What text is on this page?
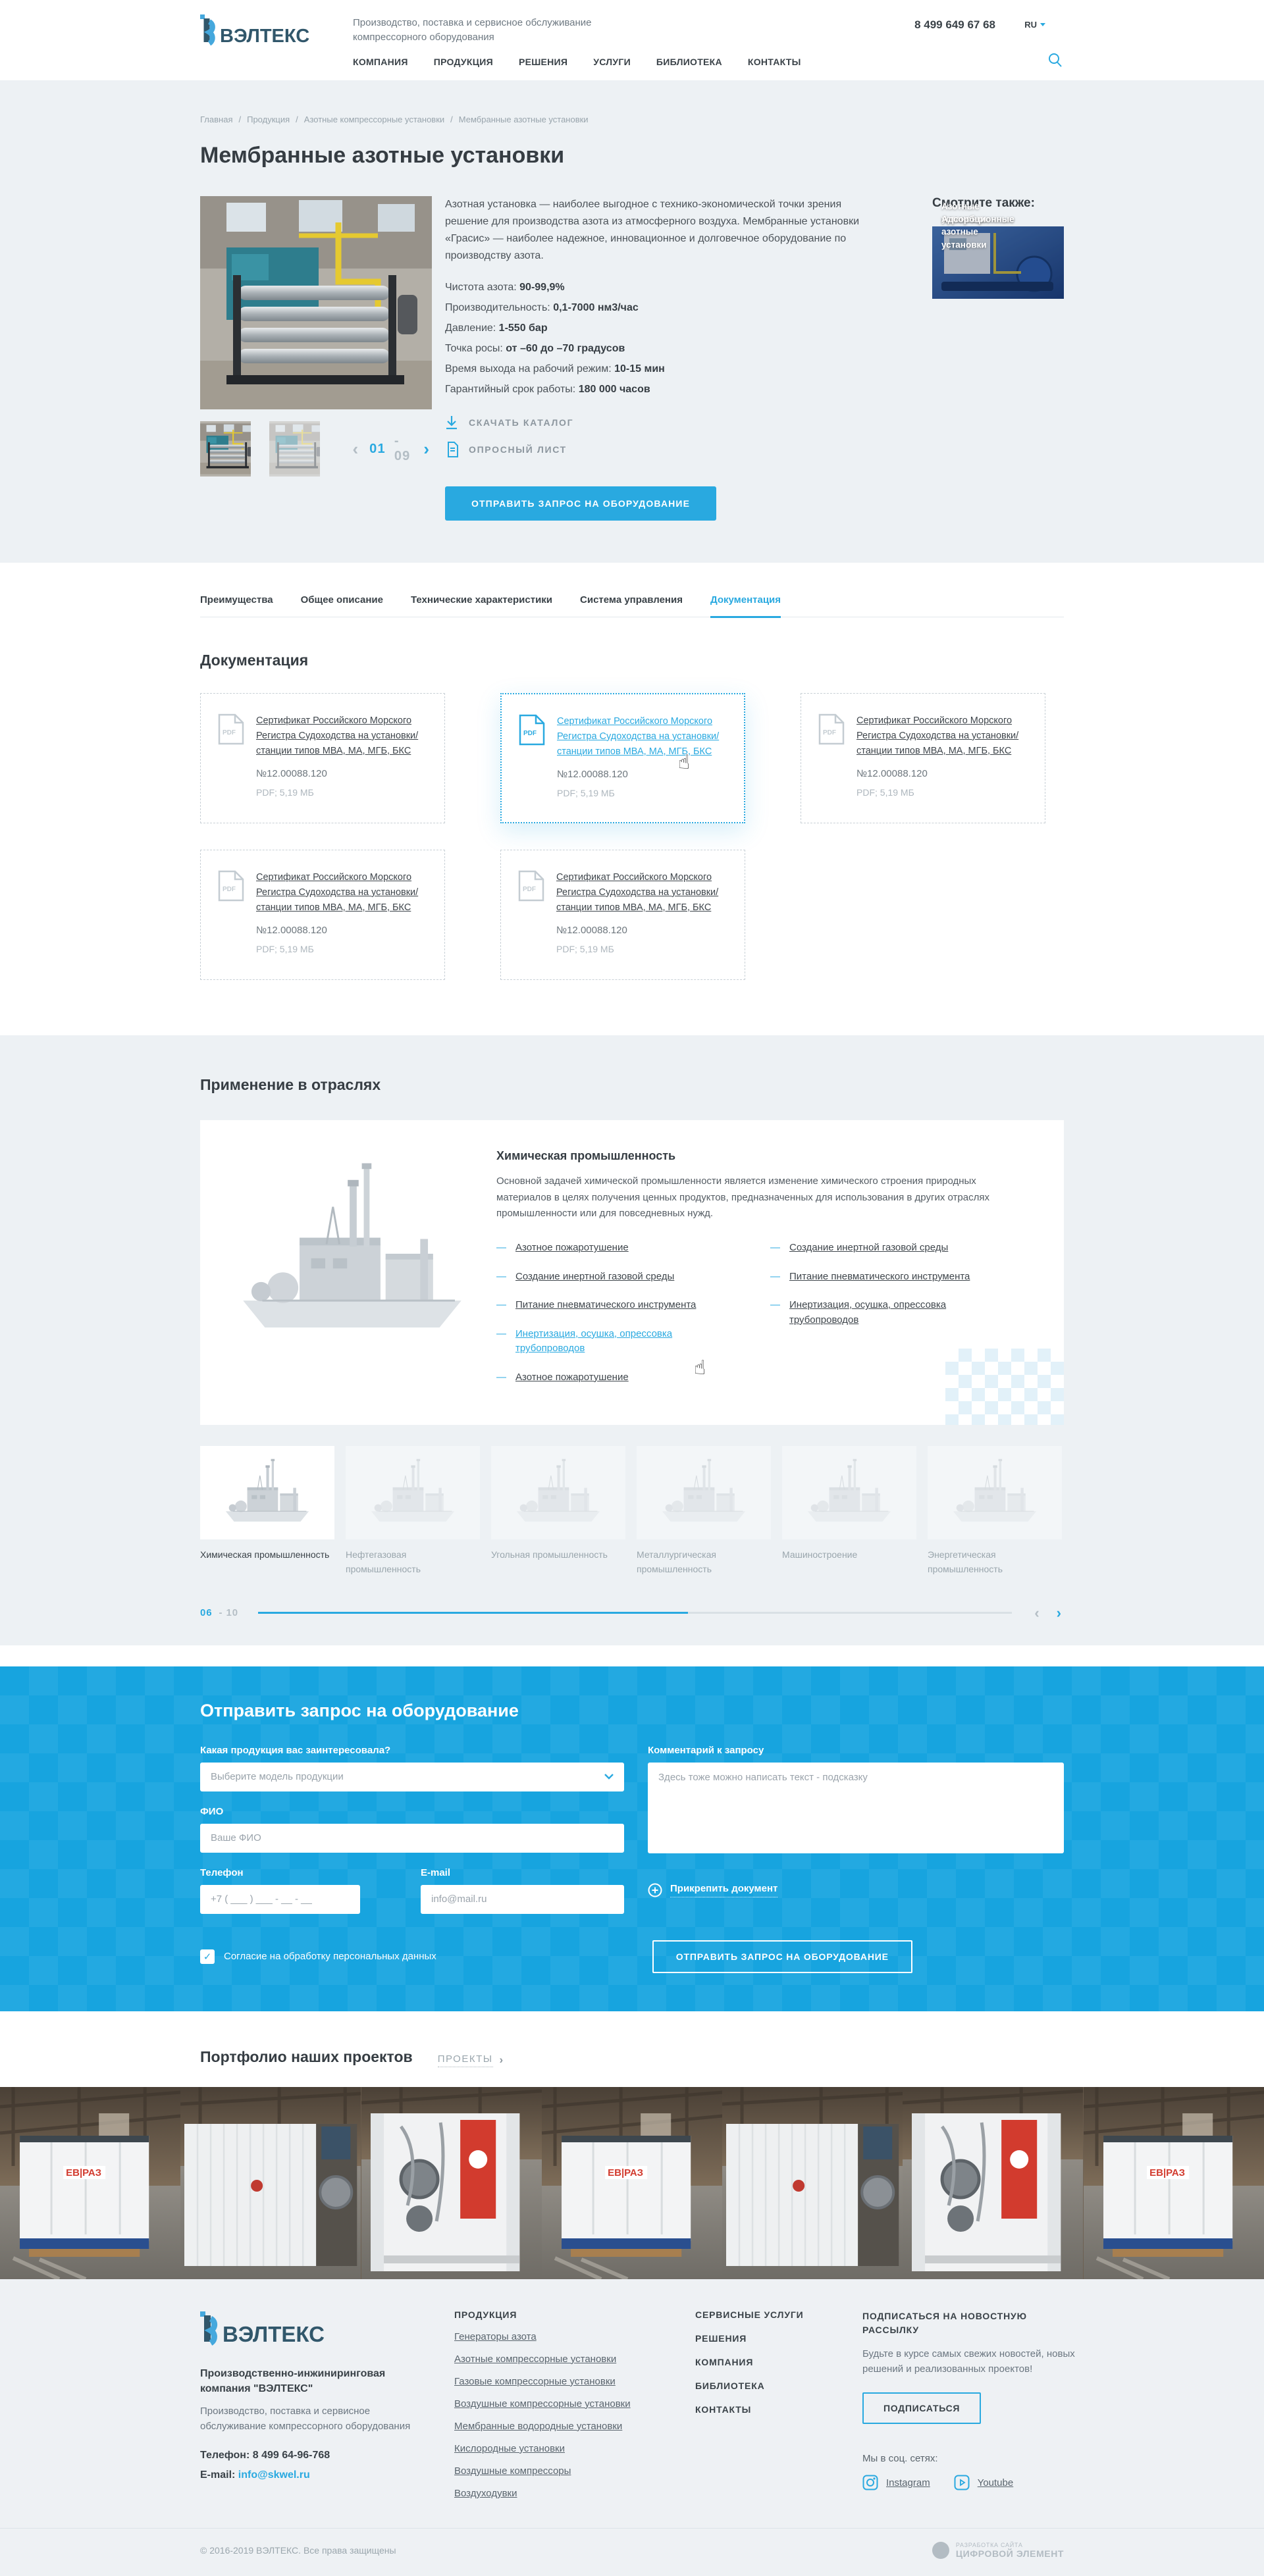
ВЭЛТЕКС
Производство, поставка и сервисное обслуживание компрессорного оборудования
КОМПАНИЯ	ПРОДУКЦИЯ	РЕШЕНИЯ	УСЛУГИ	БИБЛИОТЕКА	КОНТАКТЫ
8 499 649 67 68	RU
Главная	/ Продукция	/ Азотные компрессорные установки	/ Мембранные азотные установки
Мембранные азотные установки
‹
01
- 09
›

Азотная установка — наиболее выгодное с технико-экономической точки зрения решение для производства азота из атмосферного воздуха. Мембранные установки «Грасис» — наиболее надежное, инновационное и долговечное оборудование по производству азота.

Чистота азота: 90-99,9%
Производительность: 0,1-7000 нм3/час
Давление: 1-550 бар
Точка росы: от –60 до –70 градусов
Время выхода на рабочий режим: 10-15 мин
Гарантийный срок работы: 180 000 часов
СКАЧАТЬ КАТАЛОГ
ОПРОСНЫЙ ЛИСТ
ОТПРАВИТЬ ЗАПРОС НА ОБОРУДОВАНИЕ
Смотрите также:
›
Преимущества	Общее описание	Технические характеристики	Система управления	Документация
Документация
PDF
Сертификат Российского Морского Регистра Судоходства на установки/станции типов МВА, МА, МГБ, БКС
№12.00088.120
PDF; 5,19 МБ
PDF
Сертификат Российского Морского Регистра Судоходства на установки/станции типов МВА, МА, МГБ, БКС
№12.00088.120
PDF; 5,19 МБ
☝
PDF
Сертификат Российского Морского Регистра Судоходства на установки/станции типов МВА, МА, МГБ, БКС
№12.00088.120
PDF; 5,19 МБ
PDF
Сертификат Российского Морского Регистра Судоходства на установки/станции типов МВА, МА, МГБ, БКС
№12.00088.120
PDF; 5,19 МБ
PDF
Сертификат Российского Морского Регистра Судоходства на установки/станции типов МВА, МА, МГБ, БКС
№12.00088.120
PDF; 5,19 МБ
Применение в отраслях
Химическая промышленность

Основной задачей химической промышленности является изменение химического строения природных материалов в целях получения ценных продуктов, предназначенных для использования в других отраслях промышленности или для повседневных нужд.

—
Азотное пожаротушение
—
Создание инертной газовой среды
—
Питание пневматического инструмента
—
Инертизация, осушка, опрессовка трубопроводов
—
Азотное пожаротушение
—
Создание инертной газовой среды
—
Питание пневматического инструмента
—
Инертизация, осушка, опрессовка трубопроводов
☝
Химическая промышленность	Нефтегазовая промышленность
Угольная промышленность	Металлургическая промышленность
Машиностроение	Энергетическая промышленность
06	- 10
‹
›
Отправить запрос на оборудование
Какая продукция вас заинтересовала?
Выберите модель продукции
ФИО
Ваше ФИО
Телефон
+7 ( ___ ) ___ - __ - __	E-mail
info@mail.ru
Комментарий к запросу
Здесь тоже можно написать текст - подсказку
Прикрепить документ
✓
Согласие на обработку персональных данных	ОТПРАВИТЬ ЗАПРОС НА ОБОРУДОВАНИЕ
Портфолио наших проектов	ПРОЕКТЫ
›
ВЭЛТЕКС
Производственно-инжиниринговая компания "ВЭЛТЕКС"
Производство, поставка и сервисное обслуживание компрессорного оборудования
Телефон: 8 499 64-96-768
E-mail: info@skwel.ru
ПРОДУКЦИЯ
Генераторы азота
Азотные компрессорные установки
Газовые компрессорные установки
Воздушные компрессорные установки
Мембранные водородные установки
Кислородные установки
Воздушные компрессоры
Воздуходувки
СЕРВИСНЫЕ УСЛУГИ
РЕШЕНИЯ
КОМПАНИЯ
БИБЛИОТЕКА
КОНТАКТЫ
ПОДПИСАТЬСЯ НА НОВОСТНУЮ РАССЫЛКУ
Будьте в курсе самых свежих новостей, новых решений и реализованных проектов!
ПОДПИСАТЬСЯ
Мы в соц. сетях:
Instagram	Youtube
© 2016-2019 ВЭЛТЕКС. Все права защищены	РАЗРАБОТКА САЙТА
ЦИФРОВОЙ ЭЛЕМЕНТ
